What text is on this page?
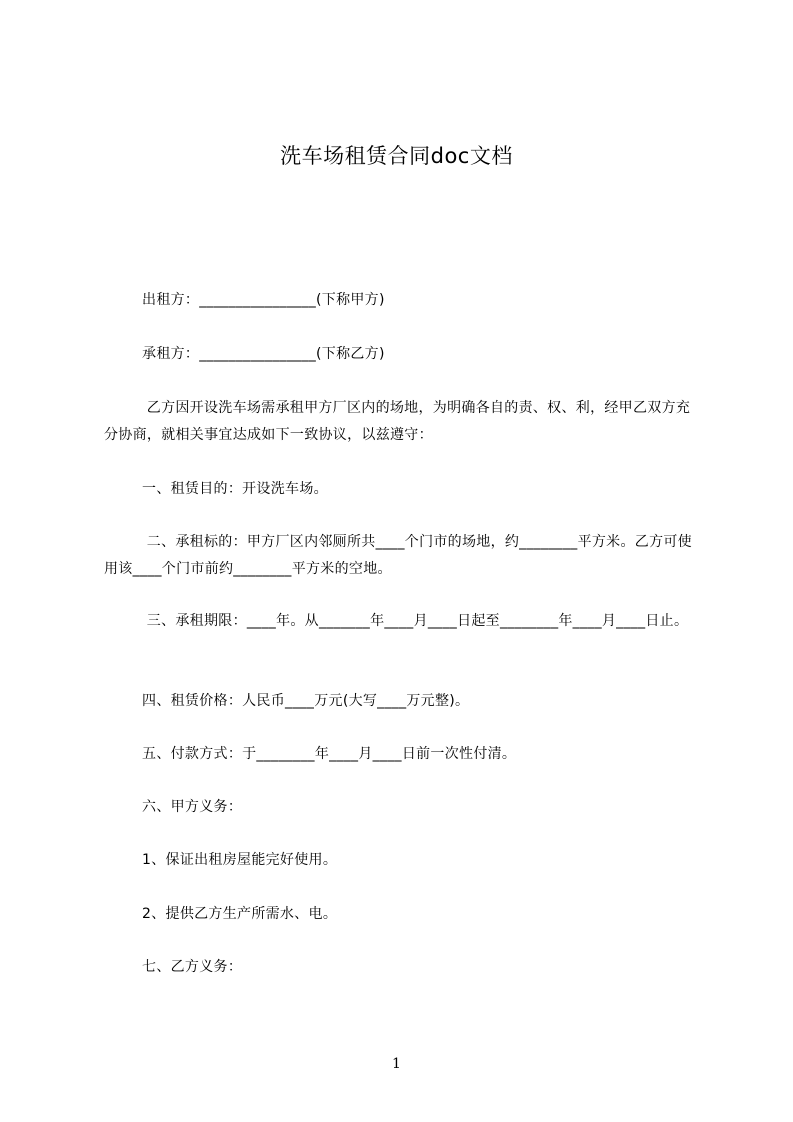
洗车场租赁合同doc文档

出租方：________________(下称甲方)

承租方：________________(下称乙方)

乙方因开设洗车场需承租甲方厂区内的场地，为明确各自的责、权、利，经甲乙双方充分协商，就相关事宜达成如下一致协议，以兹遵守：

一、租赁目的：开设洗车场。

二、承租标的：甲方厂区内邻厕所共____个门市的场地，约________平方米。乙方可使用该____个门市前约________平方米的空地。

三、承租期限：____年。从_______年____月____日起至________年____月____日止。

四、租赁价格：人民币____万元(大写____万元整)。

五、付款方式：于________年____月____日前一次性付清。

六、甲方义务：

1、保证出租房屋能完好使用。

2、提供乙方生产所需水、电。

七、乙方义务：

1
